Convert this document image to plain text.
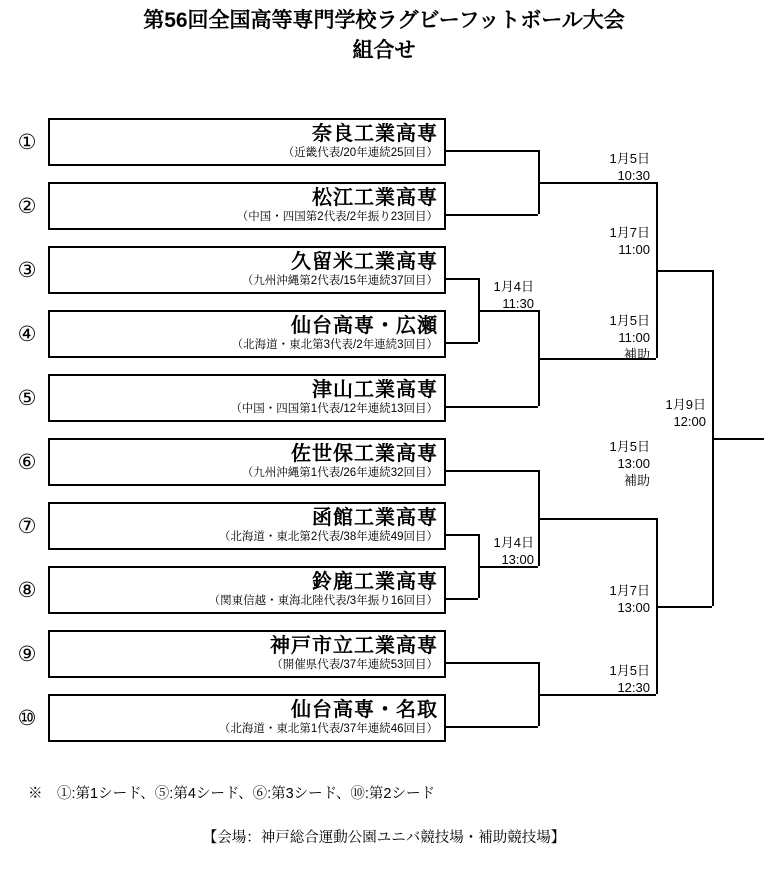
第56回全国高等専門学校ラグビーフットボール大会
組合せ
①
②
③
④
⑤
⑥
⑦
⑧
⑨
⑩
奈良工業高専
（近畿代表/20年連続25回目）
松江工業高専
（中国・四国第2代表/2年振り23回目）
久留米工業高専
（九州沖縄第2代表/15年連続37回目）
仙台高専・広瀬
（北海道・東北第3代表/2年連続3回目）
津山工業高専
（中国・四国第1代表/12年連続13回目）
佐世保工業高専
（九州沖縄第1代表/26年連続32回目）
函館工業高専
（北海道・東北第2代表/38年連続49回目）
鈴鹿工業高専
（関東信越・東海北陸代表/3年振り16回目）
神戸市立工業高専
（開催県代表/37年連続53回目）
仙台高専・名取
（北海道・東北第1代表/37年連続46回目）
1月4日
11:30
1月5日
10:30
1月5日
11:00
補助
1月7日
11:00
1月4日
13:00
1月5日
13:00
補助
1月5日
12:30
1月7日
13:00
1月9日
12:00
※　①:第1シード、⑤:第4シード、⑥:第3シード、⑩:第2シード
【会場：神戸総合運動公園ユニバ競技場・補助競技場】
